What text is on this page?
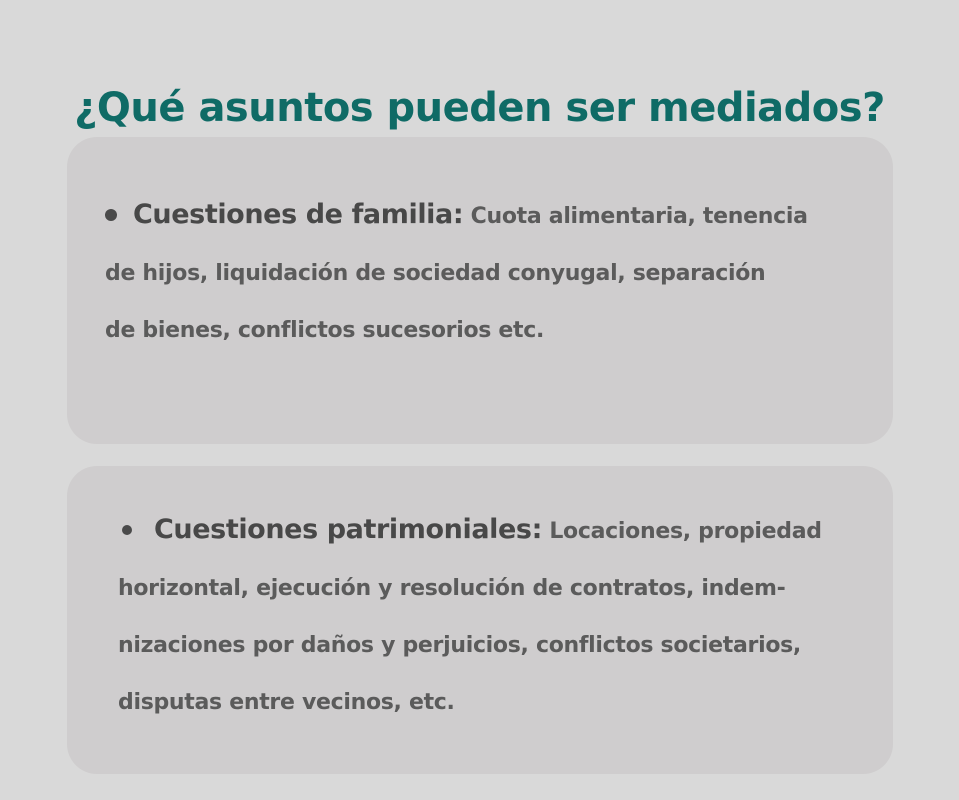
¿Qué asuntos pueden ser mediados?
Cuestiones de familia: Cuota alimentaria, tenencia
de hijos, liquidación de sociedad conyugal, separación
de bienes, conflictos sucesorios etc.
Cuestiones patrimoniales: Locaciones, propiedad
horizontal, ejecución y resolución de contratos, indem-
nizaciones por daños y perjuicios, conflictos societarios,
disputas entre vecinos, etc.
